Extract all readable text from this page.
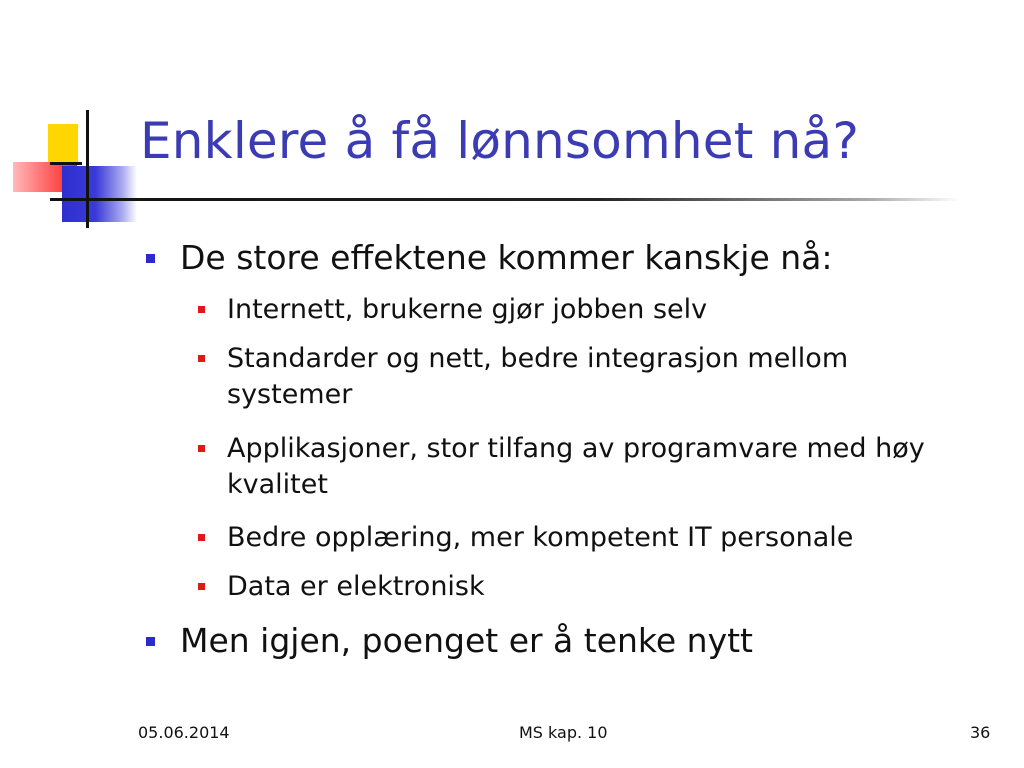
Enklere å få lønnsomhet nå?
De store effektene kommer kanskje nå:
Internett, brukerne gjør jobben selv
Standarder og nett, bedre integrasjon mellom systemer
Applikasjoner, stor tilfang av programvare med høy kvalitet
Bedre opplæring, mer kompetent IT personale
Data er elektronisk
Men igjen, poenget er å tenke nytt
05.06.2014	MS kap. 10	36
